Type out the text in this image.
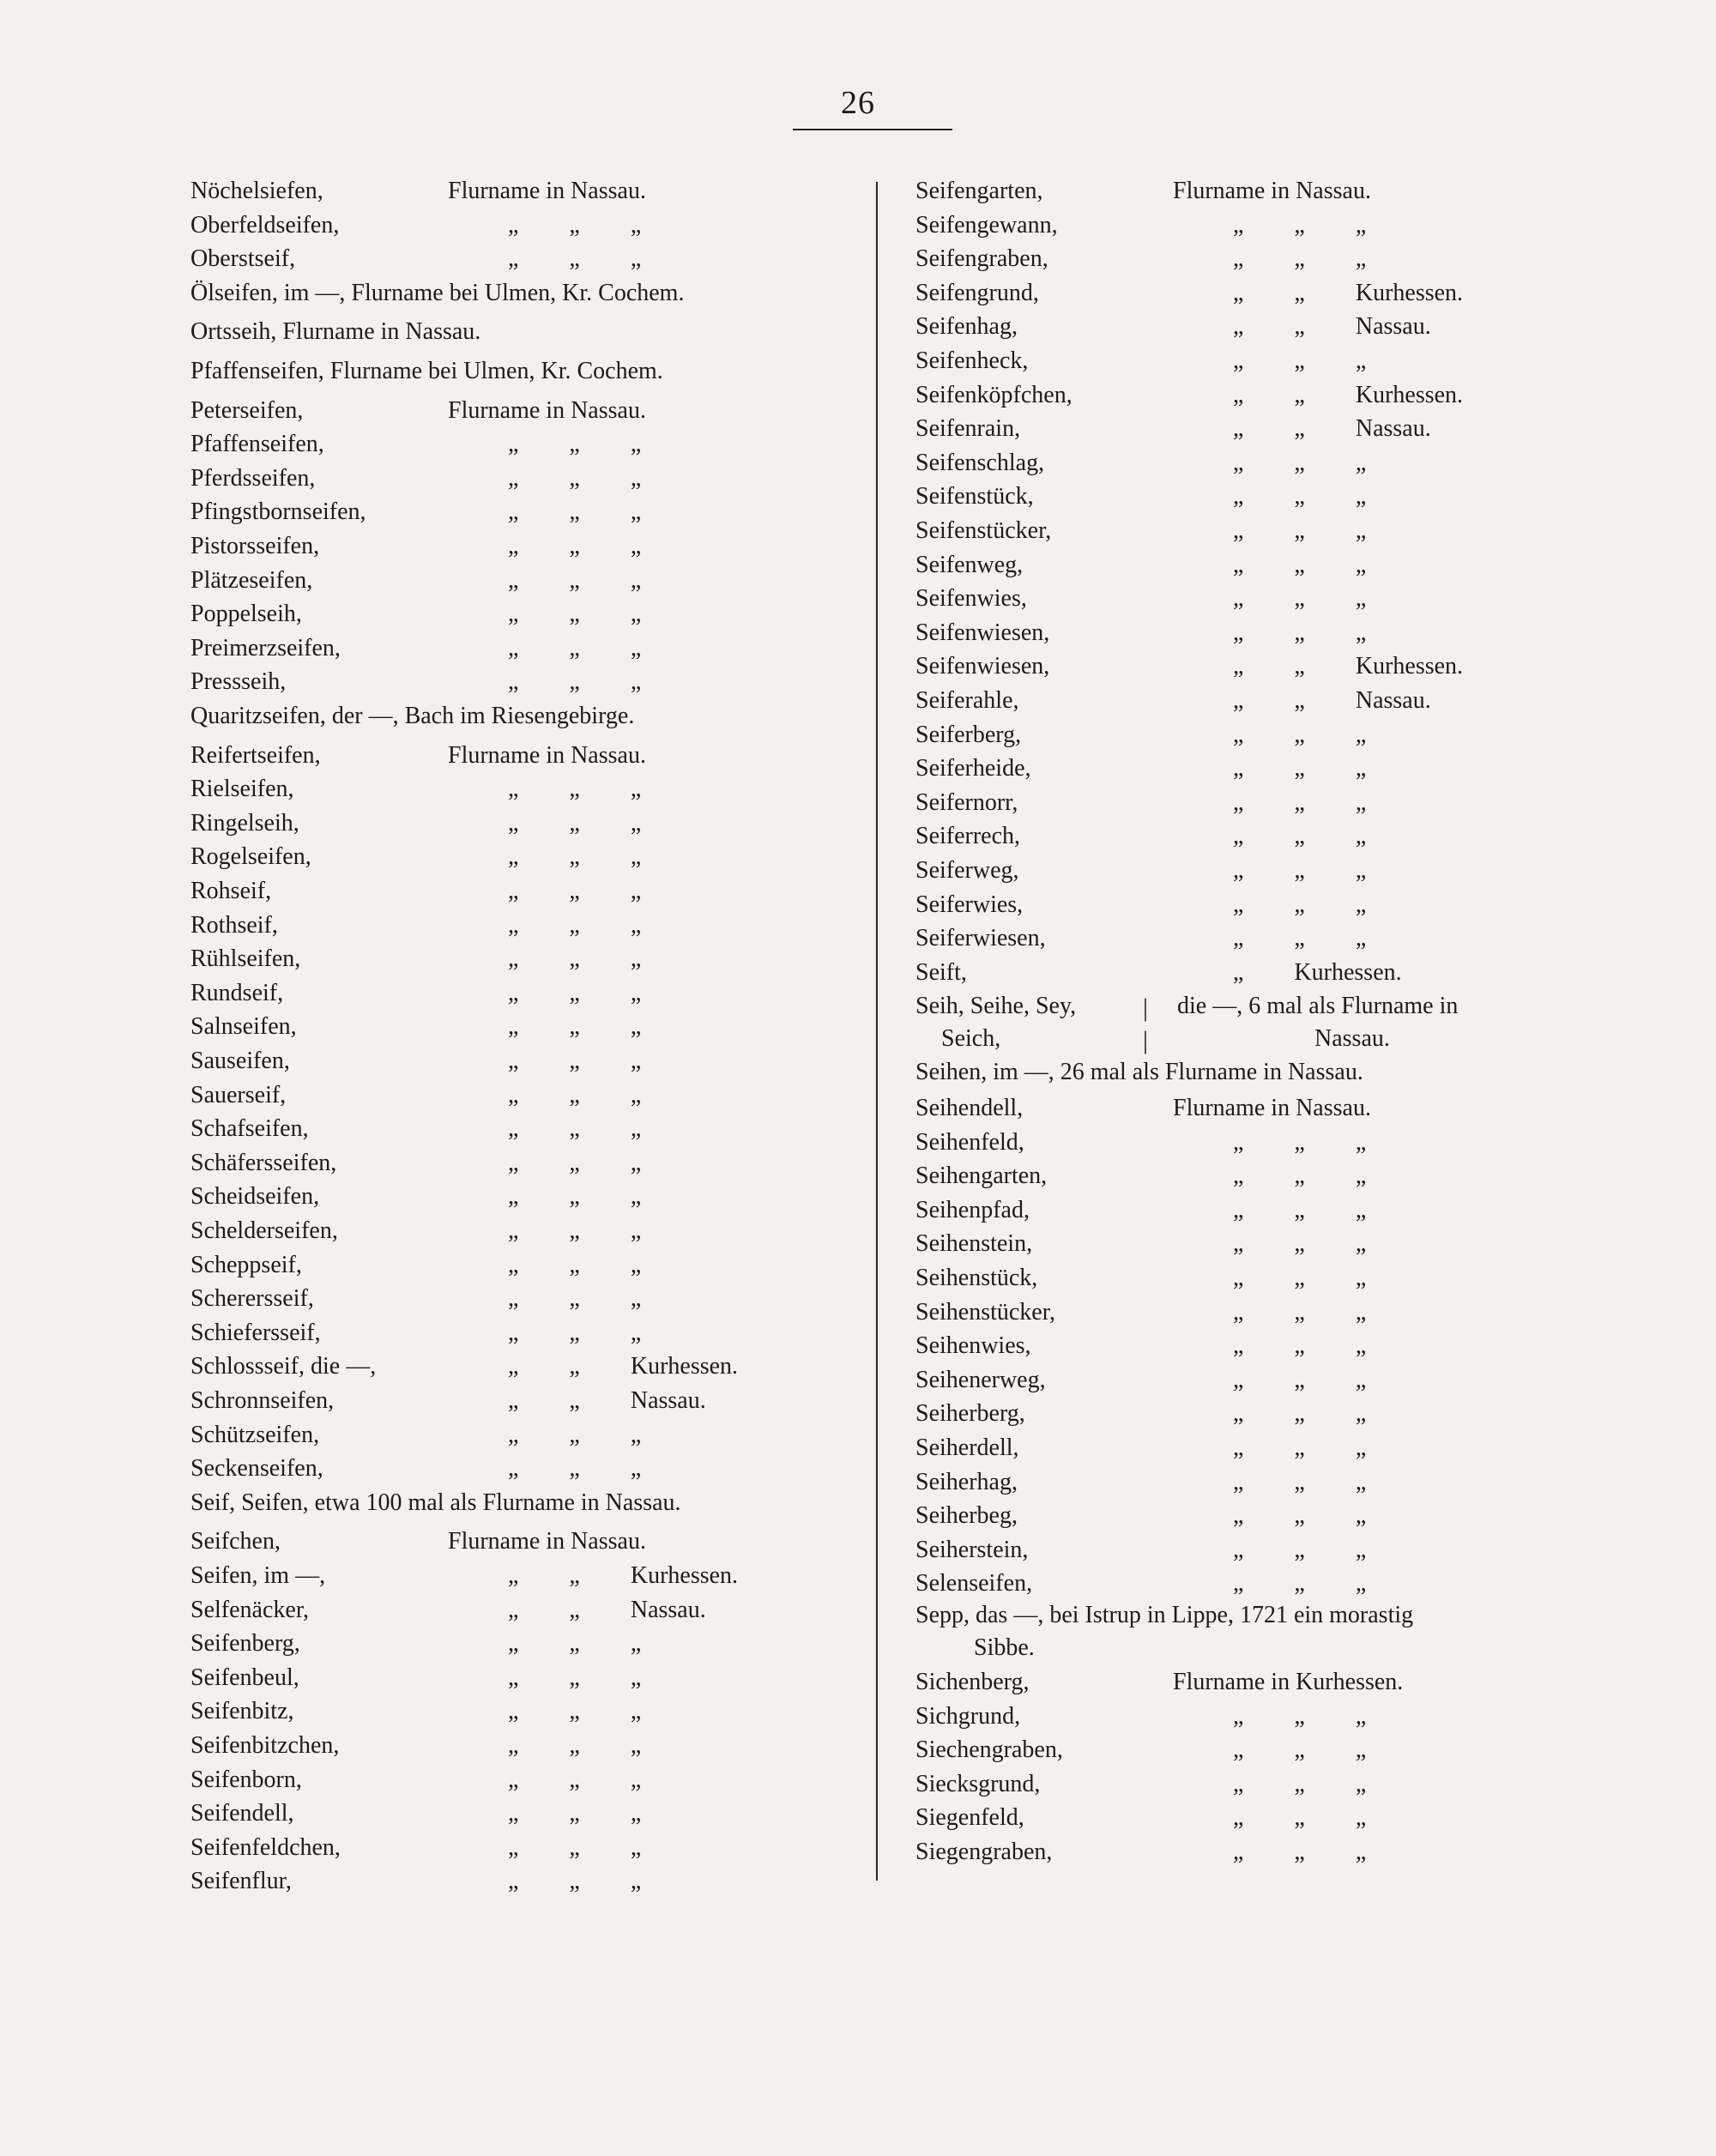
26
Nöchelsiefen,	Flurname in Nassau.
Oberfeldseifen,	„ „ „
Oberstseif,	„ „ „
Ölseifen, im —, Flurname bei Ulmen, Kr. Cochem.
Ortsseih, Flurname in Nassau.
Pfaffenseifen, Flurname bei Ulmen, Kr. Cochem.
Peterseifen,	Flurname in Nassau.
Pfaffenseifen,	„ „ „
Pferdsseifen,	„ „ „
Pfingstbornseifen,	„ „ „
Pistorsseifen,	„ „ „
Plätzeseifen,	„ „ „
Poppelseih,	„ „ „
Preimerzseifen,	„ „ „
Pressseih,	„ „ „
Quaritzseifen, der —, Bach im Riesengebirge.
Reifertseifen,	Flurname in Nassau.
Rielseifen,	„ „ „
Ringelseih,	„ „ „
Rogelseifen,	„ „ „
Rohseif,	„ „ „
Rothseif,	„ „ „
Rühlseifen,	„ „ „
Rundseif,	„ „ „
Salnseifen,	„ „ „
Sauseifen,	„ „ „
Sauerseif,	„ „ „
Schafseifen,	„ „ „
Schäfersseifen,	„ „ „
Scheidseifen,	„ „ „
Schelderseifen,	„ „ „
Scheppseif,	„ „ „
Scherersseif,	„ „ „
Schiefersseif,	„ „ „
Schlossseif, die —,	„ „ Kurhessen.
Schronnseifen,	„ „ Nassau.
Schützseifen,	„ „ „
Seckenseifen,	„ „ „
Seif, Seifen, etwa 100 mal als Flurname in Nassau.
Seifchen,	Flurname in Nassau.
Seifen, im —,	„ „ Kurhessen.
Selfenäcker,	„ „ Nassau.
Seifenberg,	„ „ „
Seifenbeul,	„ „ „
Seifenbitz,	„ „ „
Seifenbitzchen,	„ „ „
Seifenborn,	„ „ „
Seifendell,	„ „ „
Seifenfeldchen,	„ „ „
Seifenflur,	„ „ „
Seifengarten,	Flurname in Nassau.
Seifengewann,	„ „ „
Seifengraben,	„ „ „
Seifengrund,	„ „ Kurhessen.
Seifenhag,	„ „ Nassau.
Seifenheck,	„ „ „
Seifenköpfchen,	„ „ Kurhessen.
Seifenrain,	„ „ Nassau.
Seifenschlag,	„ „ „
Seifenstück,	„ „ „
Seifenstücker,	„ „ „
Seifenweg,	„ „ „
Seifenwies,	„ „ „
Seifenwiesen,	„ „ „
Seifenwiesen,	„ „ Kurhessen.
Seiferahle,	„ „ Nassau.
Seiferberg,	„ „ „
Seiferheide,	„ „ „
Seifernorr,	„ „ „
Seiferrech,	„ „ „
Seiferweg,	„ „ „
Seiferwies,	„ „ „
Seiferwiesen,	„ „ „
Seift,	„ Kurhessen.
Seih, Seihe, Sey,
Seich,
|
|
die —, 6 mal als Flurname in
Nassau.
Seihen, im —, 26 mal als Flurname in Nassau.
Seihendell,	Flurname in Nassau.
Seihenfeld,	„ „ „
Seihengarten,	„ „ „
Seihenpfad,	„ „ „
Seihenstein,	„ „ „
Seihenstück,	„ „ „
Seihenstücker,	„ „ „
Seihenwies,	„ „ „
Seihenerweg,	„ „ „
Seiherberg,	„ „ „
Seiherdell,	„ „ „
Seiherhag,	„ „ „
Seiherbeg,	„ „ „
Seiherstein,	„ „ „
Selenseifen,	„ „ „
Sepp, das —, bei Istrup in Lippe, 1721 ein morastig
Sibbe.
Sichenberg,	Flurname in Kurhessen.
Sichgrund,	„ „ „
Siechengraben,	„ „ „
Siecksgrund,	„ „ „
Siegenfeld,	„ „ „
Siegengraben,	„ „ „
